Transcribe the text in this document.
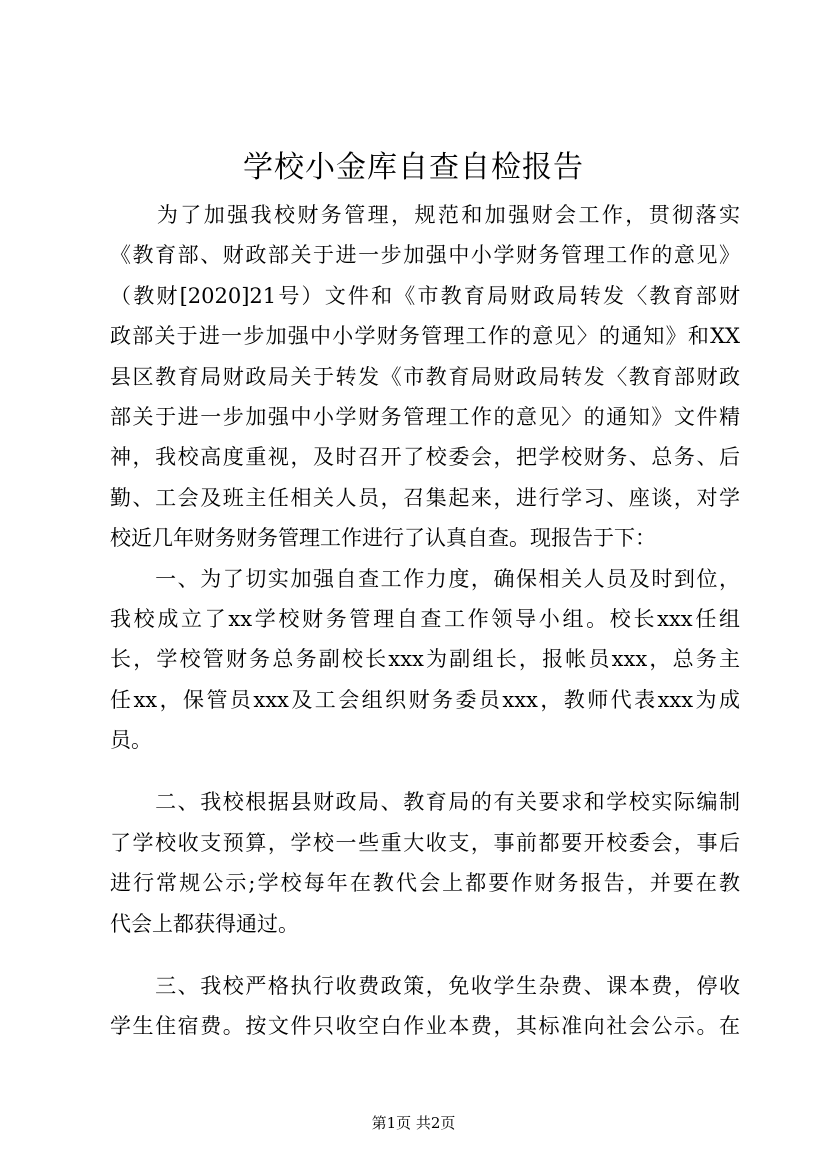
学校小金库自查自检报告
　　为了加强我校财务管理，规范和加强财会工作，贯彻落实
《教育部、财政部关于进一步加强中小学财务管理工作的意见》
（教财[2020]21号）文件和《市教育局财政局转发〈教育部财
政部关于进一步加强中小学财务管理工作的意见〉的通知》和XX
县区教育局财政局关于转发《市教育局财政局转发〈教育部财政
部关于进一步加强中小学财务管理工作的意见〉的通知》文件精
神，我校高度重视，及时召开了校委会，把学校财务、总务、后
勤、工会及班主任相关人员，召集起来，进行学习、座谈，对学
校近几年财务财务管理工作进行了认真自查。现报告于下：
　　一、为了切实加强自查工作力度，确保相关人员及时到位，
我校成立了xx学校财务管理自查工作领导小组。校长xxx任组
长，学校管财务总务副校长xxx为副组长，报帐员xxx，总务主
任xx，保管员xxx及工会组织财务委员xxx，教师代表xxx为成
员。
　　二、我校根据县财政局、教育局的有关要求和学校实际编制
了学校收支预算，学校一些重大收支，事前都要开校委会，事后
进行常规公示;学校每年在教代会上都要作财务报告，并要在教
代会上都获得通过。
　　三、我校严格执行收费政策，免收学生杂费、课本费，停收
学生住宿费。按文件只收空白作业本费，其标准向社会公示。在
第1页 共2页
